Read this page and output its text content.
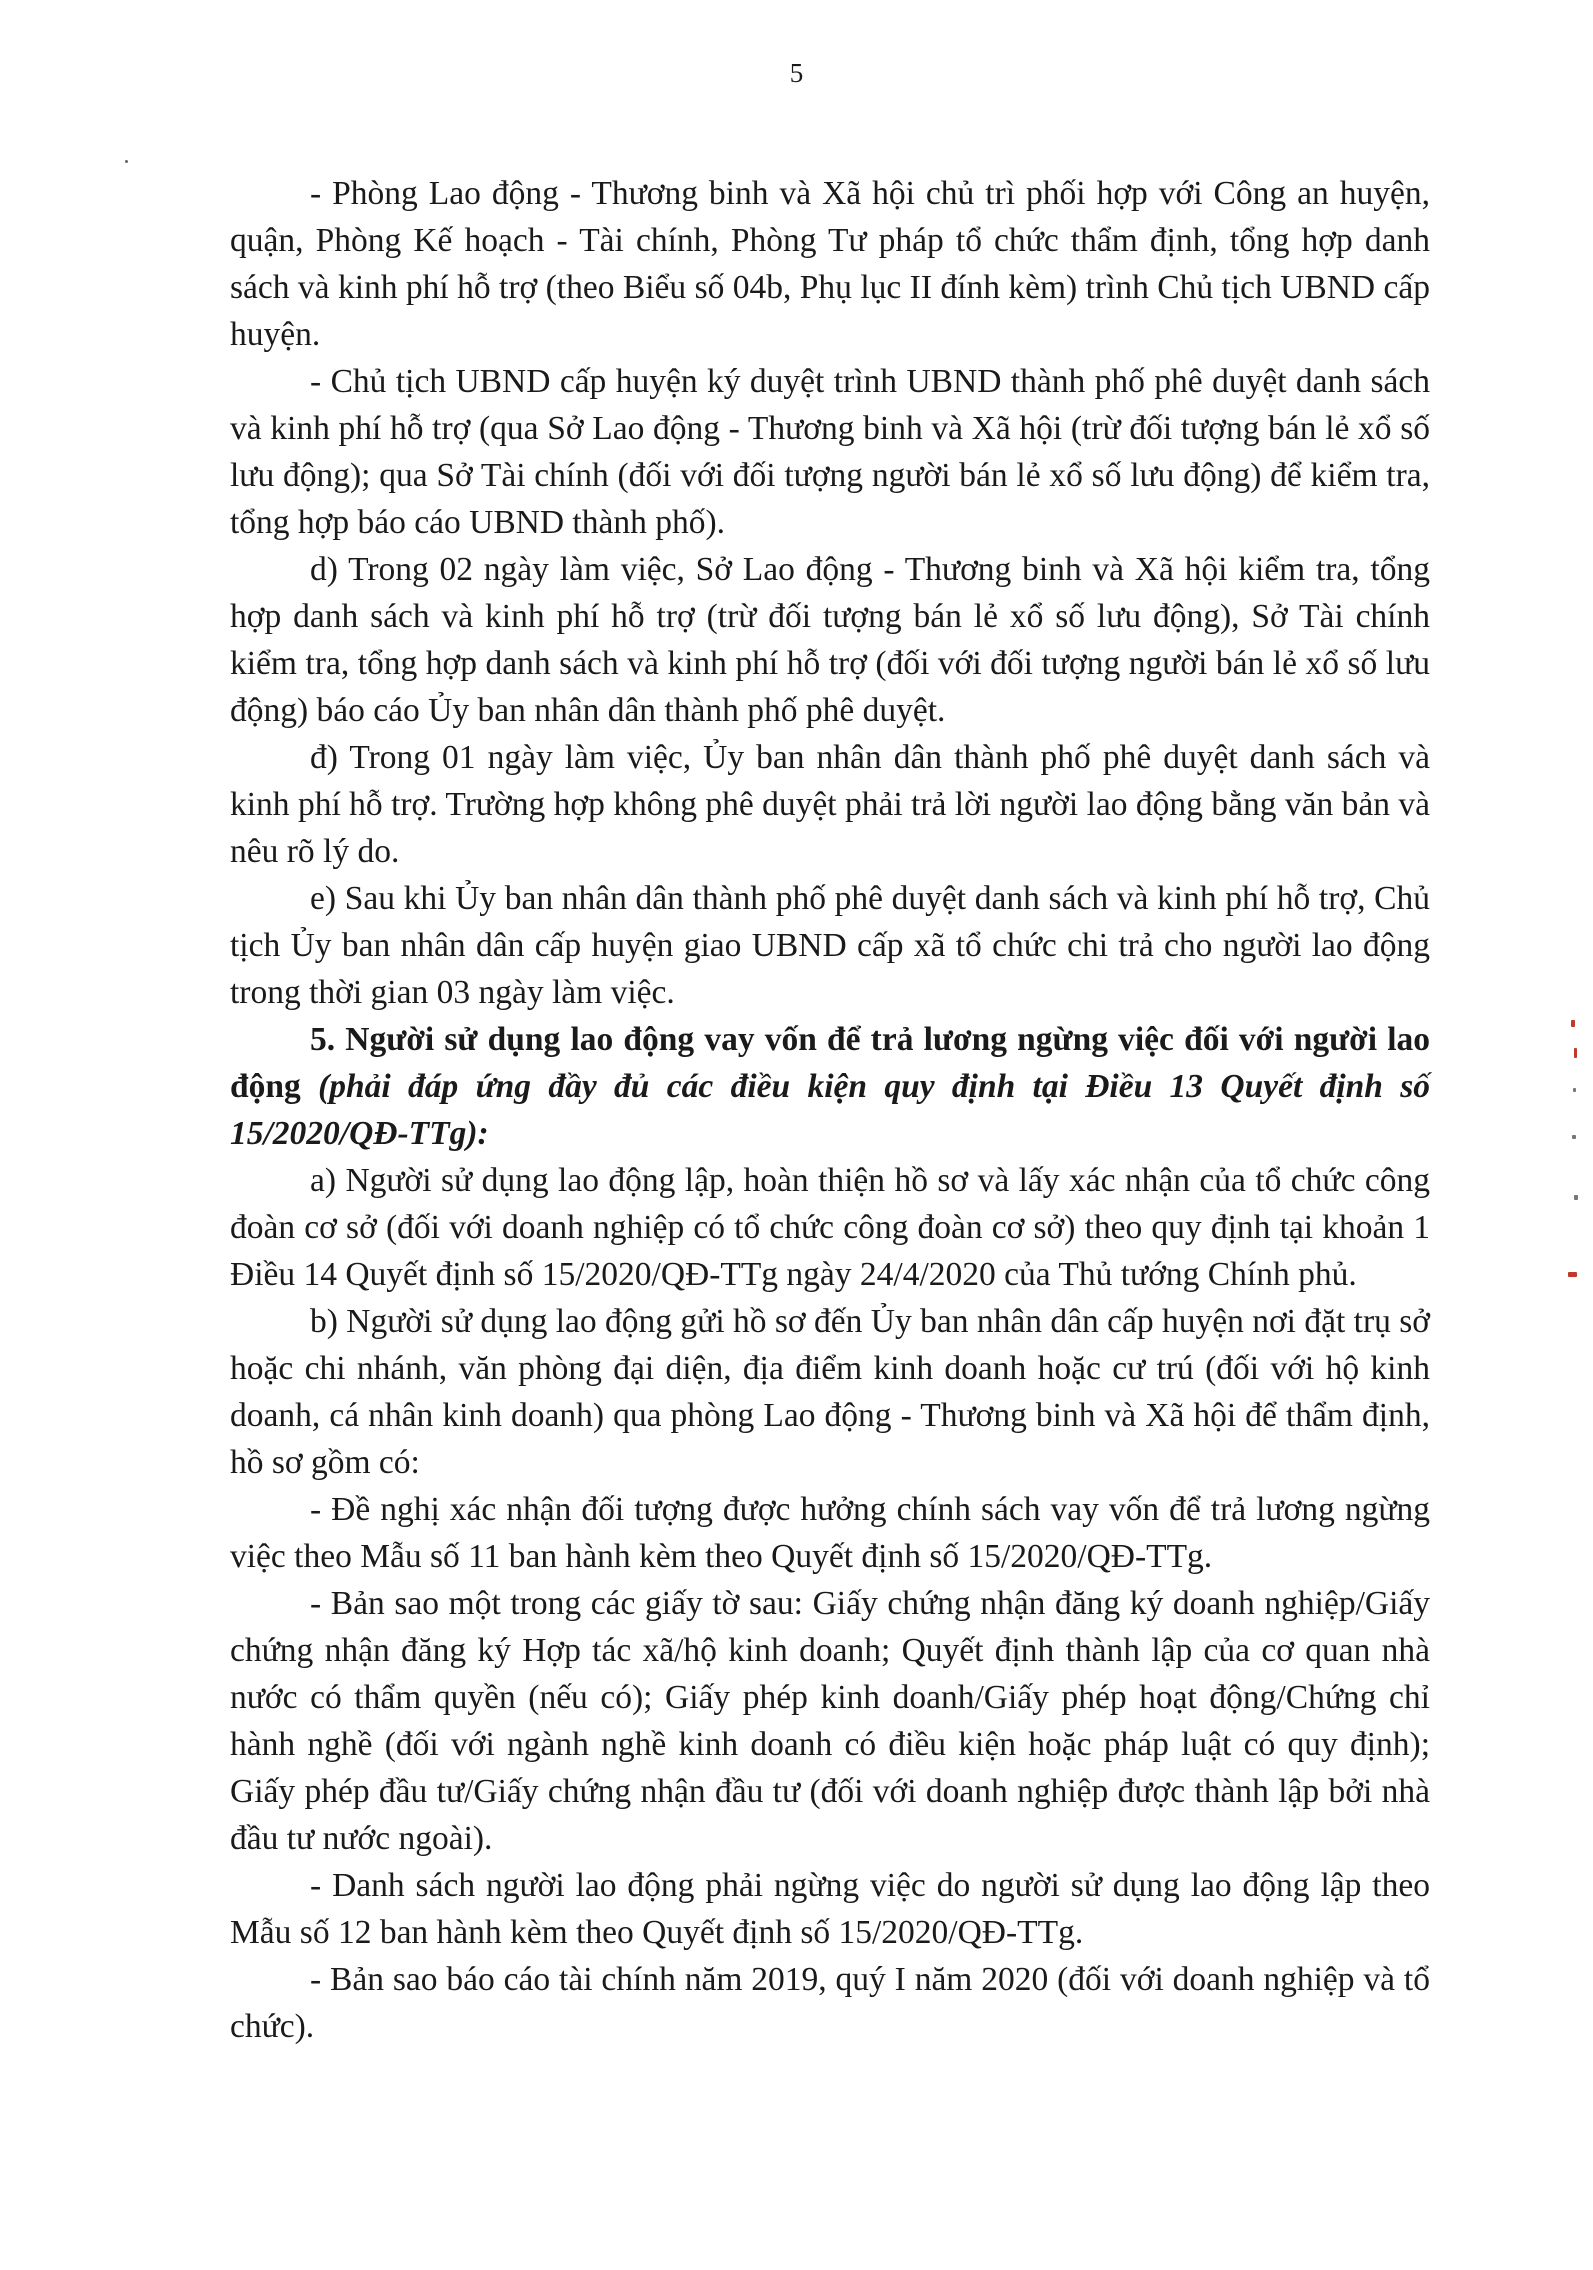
5

- Phòng Lao động - Thương binh và Xã hội chủ trì phối hợp với Công an huyện, quận, Phòng Kế hoạch - Tài chính, Phòng Tư pháp tổ chức thẩm định, tổng hợp danh sách và kinh phí hỗ trợ (theo Biểu số 04b, Phụ lục II đính kèm) trình Chủ tịch UBND cấp huyện.

- Chủ tịch UBND cấp huyện ký duyệt trình UBND thành phố phê duyệt danh sách và kinh phí hỗ trợ (qua Sở Lao động - Thương binh và Xã hội (trừ đối tượng bán lẻ xổ số lưu động); qua Sở Tài chính (đối với đối tượng người bán lẻ xổ số lưu động) để kiểm tra, tổng hợp báo cáo UBND thành phố).

d) Trong 02 ngày làm việc, Sở Lao động - Thương binh và Xã hội kiểm tra, tổng hợp danh sách và kinh phí hỗ trợ (trừ đối tượng bán lẻ xổ số lưu động), Sở Tài chính kiểm tra, tổng hợp danh sách và kinh phí hỗ trợ (đối với đối tượng người bán lẻ xổ số lưu động) báo cáo Ủy ban nhân dân thành phố phê duyệt.

đ) Trong 01 ngày làm việc, Ủy ban nhân dân thành phố phê duyệt danh sách và kinh phí hỗ trợ. Trường hợp không phê duyệt phải trả lời người lao động bằng văn bản và nêu rõ lý do.

e) Sau khi Ủy ban nhân dân thành phố phê duyệt danh sách và kinh phí hỗ trợ, Chủ tịch Ủy ban nhân dân cấp huyện giao UBND cấp xã tổ chức chi trả cho người lao động trong thời gian 03 ngày làm việc.

5. Người sử dụng lao động vay vốn để trả lương ngừng việc đối với người lao động (phải đáp ứng đầy đủ các điều kiện quy định tại Điều 13 Quyết định số 15/2020/QĐ-TTg):

a) Người sử dụng lao động lập, hoàn thiện hồ sơ và lấy xác nhận của tổ chức công đoàn cơ sở (đối với doanh nghiệp có tổ chức công đoàn cơ sở) theo quy định tại khoản 1 Điều 14 Quyết định số 15/2020/QĐ-TTg ngày 24/4/2020 của Thủ tướng Chính phủ.

b) Người sử dụng lao động gửi hồ sơ đến Ủy ban nhân dân cấp huyện nơi đặt trụ sở hoặc chi nhánh, văn phòng đại diện, địa điểm kinh doanh hoặc cư trú (đối với hộ kinh doanh, cá nhân kinh doanh) qua phòng Lao động - Thương binh và Xã hội để thẩm định, hồ sơ gồm có:

- Đề nghị xác nhận đối tượng được hưởng chính sách vay vốn để trả lương ngừng việc theo Mẫu số 11 ban hành kèm theo Quyết định số 15/2020/QĐ-TTg.

- Bản sao một trong các giấy tờ sau: Giấy chứng nhận đăng ký doanh nghiệp/Giấy chứng nhận đăng ký Hợp tác xã/hộ kinh doanh; Quyết định thành lập của cơ quan nhà nước có thẩm quyền (nếu có); Giấy phép kinh doanh/Giấy phép hoạt động/Chứng chỉ hành nghề (đối với ngành nghề kinh doanh có điều kiện hoặc pháp luật có quy định); Giấy phép đầu tư/Giấy chứng nhận đầu tư (đối với doanh nghiệp được thành lập bởi nhà đầu tư nước ngoài).

- Danh sách người lao động phải ngừng việc do người sử dụng lao động lập theo Mẫu số 12 ban hành kèm theo Quyết định số 15/2020/QĐ-TTg.

- Bản sao báo cáo tài chính năm 2019, quý I năm 2020 (đối với doanh nghiệp và tổ chức).
